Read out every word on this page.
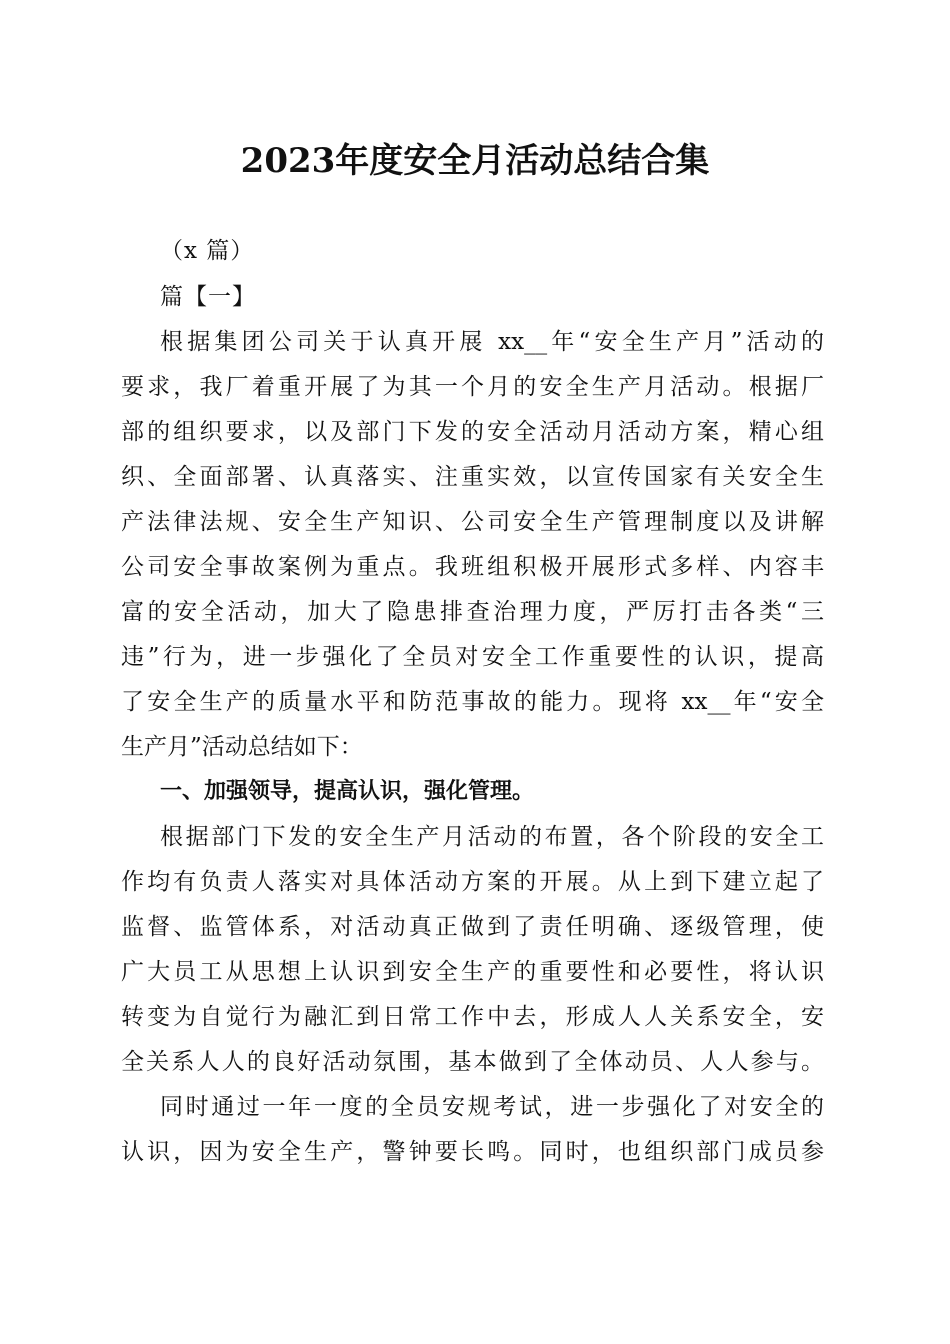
2023年度安全月活动总结合集
（x 篇）
篇【一】
根据集团公司关于认真开展 xx__年“安全生产月”活动的
要求，我厂着重开展了为其一个月的安全生产月活动。根据厂
部的组织要求，以及部门下发的安全活动月活动方案，精心组
织、全面部署、认真落实、注重实效，以宣传国家有关安全生
产法律法规、安全生产知识、公司安全生产管理制度以及讲解
公司安全事故案例为重点。我班组积极开展形式多样、内容丰
富的安全活动，加大了隐患排查治理力度，严厉打击各类“三
违”行为，进一步强化了全员对安全工作重要性的认识，提高
了安全生产的质量水平和防范事故的能力。现将 xx__年“安全
生产月”活动总结如下：
一、加强领导，提高认识，强化管理。
根据部门下发的安全生产月活动的布置，各个阶段的安全工
作均有负责人落实对具体活动方案的开展。从上到下建立起了
监督、监管体系，对活动真正做到了责任明确、逐级管理，使
广大员工从思想上认识到安全生产的重要性和必要性，将认识
转变为自觉行为融汇到日常工作中去，形成人人关系安全，安
全关系人人的良好活动氛围，基本做到了全体动员、人人参与。
同时通过一年一度的全员安规考试，进一步强化了对安全的
认识，因为安全生产，警钟要长鸣。同时，也组织部门成员参
